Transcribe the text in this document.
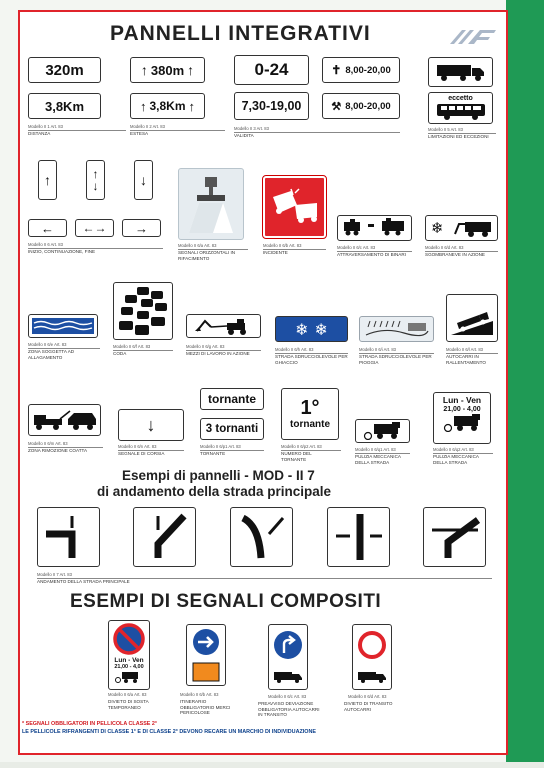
PANNELLI INTEGRATIVI
320m
3,8Km
Modello II 1 Art. 83
DISTANZA
↑ 380m ↑
↑ 3,8Km ↑
Modello II 2 Art. 83
ESTESA
0-24
7,30-19,00
✝ 8,00-20,00
⚒ 8,00-20,00
Modello II 3 Art. 83
VALIDITA
eccetto
Modello II 5 Art. 83
LIMITAZIONI ED ECCEZIONI
↑	↑
↓	↓
← ←→ →
Modello II 6 Art. 83
INIZIO, CONTINUAZIONE, FINE
Modello II 6/a Art. 83
SEGNALI ORIZZONTALI IN RIFACIMENTO
Modello II 6/b Art. 83
INCIDENTE
Modello II 6/c Art. 83
ATTRAVERSAMENTO DI BINARI
❄
Modello II 6/d Art. 83
SGOMBRANEVE IN AZIONE
Modello II 6/e Art. 83
ZONA SOGGETTA AD ALLAGAMENTO
Modello II 6/f Art. 83
CODA
Modello II 6/g Art. 83
MEZZI DI LAVORO IN AZIONE
❄ ❄
Modello II 6/h Art. 83
STRADA SDRUCCIOLEVOLE PER GHIACCIO
Modello II 6/i Art. 83
STRADA SDRUCCIOLEVOLE PER PIOGGIA
Modello II 6/l Art. 83
AUTOCARRI IN RALLENTAMENTO
Modello II 6/m Art. 83
ZONA RIMOZIONE COATTA
↓
Modello II 6/n Art. 83
SEGNALE DI CORSIA
tornante
3 tornanti
Modello II 6/p1 Art. 83
TORNANTE
1°
tornante
Modello II 6/p2 Art. 83
NUMERO DEL TORNANTE
Modello II 6/q1 Art. 83
PULIZIA MECCANICA DELLA STRADA
Lun - Ven
21,00 - 4,00
Modello II 6/q2 Art. 83
PULIZIA MECCANICA DELLA STRADA
Esempi di pannelli - MOD - II 7
di andamento della strada principale
Modello II 7 Art. 83
ANDAMENTO DELLA STRADA PRINCIPALE
ESEMPI DI SEGNALI COMPOSITI
Lun - Ven
21,00 - 4,00
Modello II 6/a Art. 83
DIVIETO DI SOSTA TEMPORANEO
Modello II 6/b Art. 83
ITINERARIO OBBLIGATORIO MERCI PERICOLOSE
Modello II 6/c Art. 83
PREAVVISO DEVIAZIONE OBBLIGATORIA AUTOCARRI IN TRANSITO
Modello II 6/d Art. 83
DIVIETO DI TRANSITO AUTOCARRI
* SEGNALI OBBLIGATORI IN PELLICOLA CLASSE 2°
LE PELLICOLE RIFRANGENTI DI CLASSE 1° E DI CLASSE 2° DEVONO RECARE UN MARCHIO DI INDIVIDUAZIONE
